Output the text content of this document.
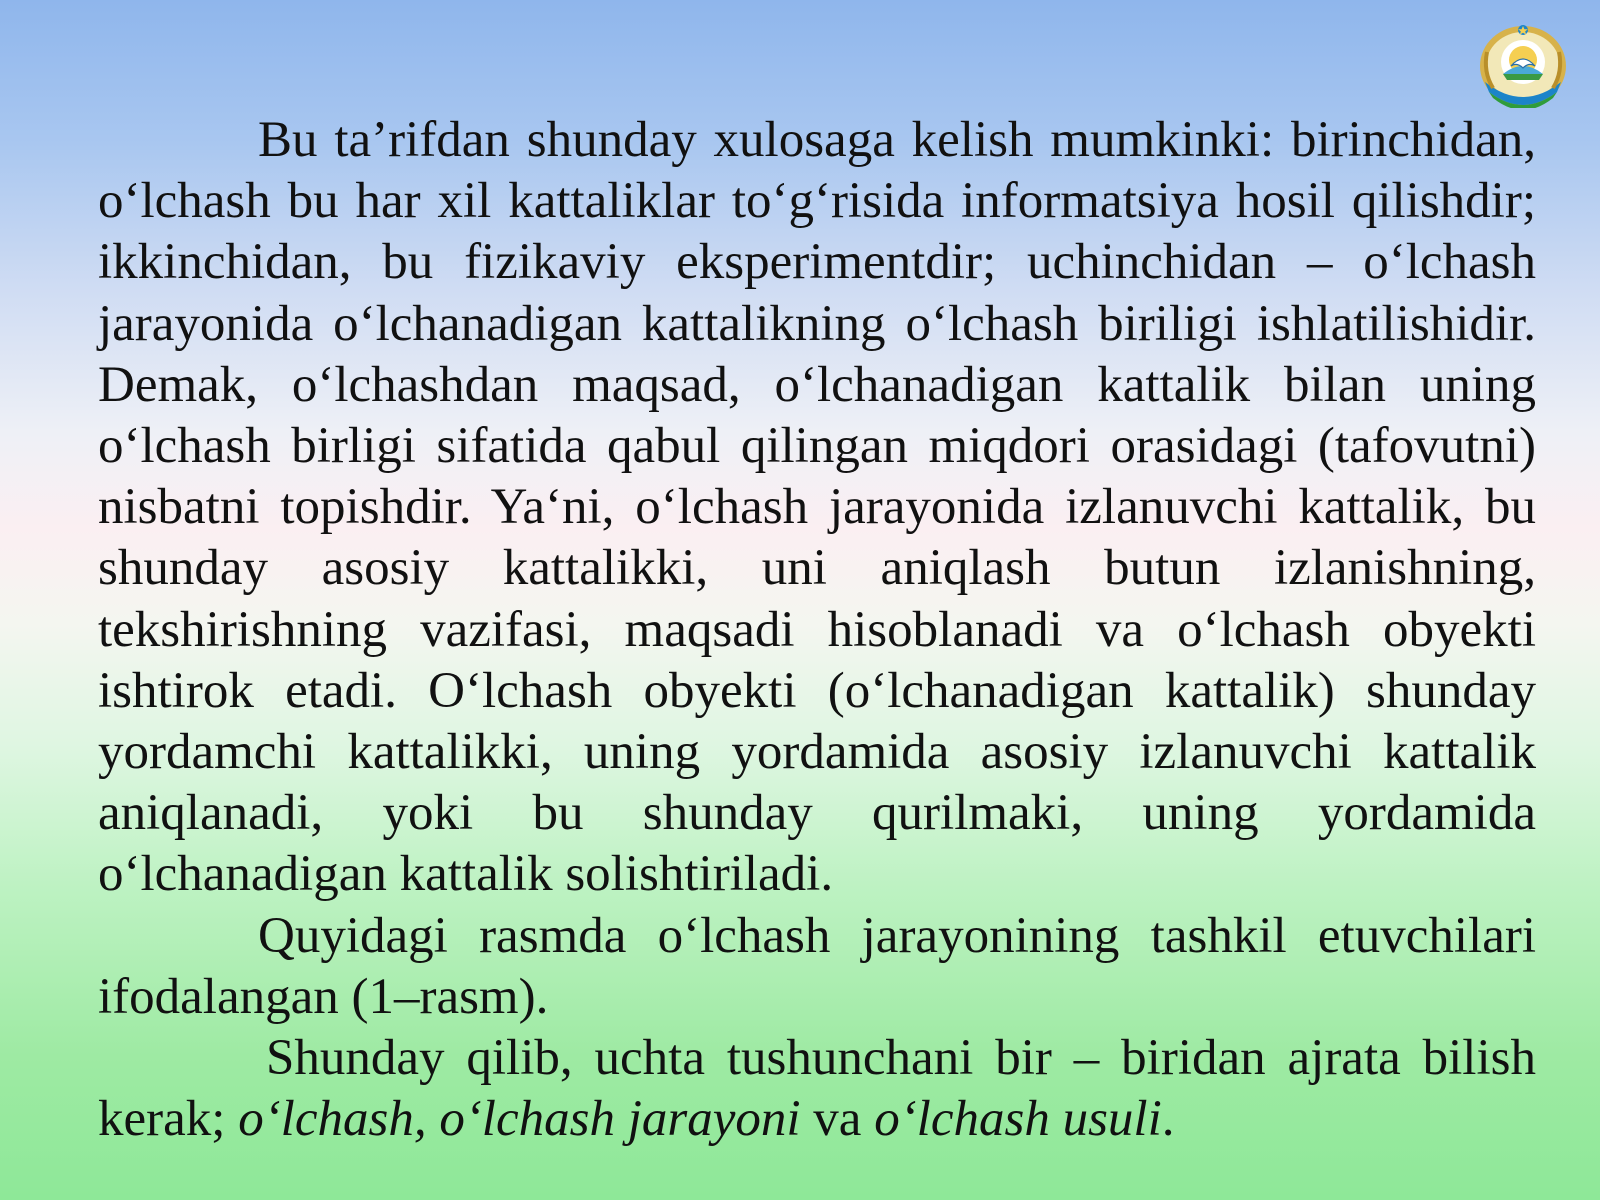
Bu ta’rifdan shunday xulosaga kelish mumkinki: birinchidan, o‘lchash bu har xil kattaliklar to‘g‘risida informatsiya hosil qilishdir; ikkinchidan, bu fizikaviy eksperimentdir; uchinchidan – o‘lchash jarayonida o‘lchanadigan kattalikning o‘lchash biriligi ishlatilishidir. Demak, o‘lchashdan maqsad, o‘lchanadigan kattalik bilan uning o‘lchash birligi sifatida qabul qilingan miqdori orasidagi (tafovutni) nisbatni topishdir. Ya‘ni, o‘lchash jarayonida izlanuvchi kattalik, bu shunday asosiy kattalikki, uni aniqlash butun izlanishning, tekshirishning vazifasi, maqsadi hisoblanadi va o‘lchash obyekti ishtirok etadi. O‘lchash obyekti (o‘lchanadigan kattalik) shunday yordamchi kattalikki, uning yordamida asosiy izlanuvchi kattalik aniqlanadi, yoki bu shunday qurilmaki, uning yordamida o‘lchanadigan kattalik solishtiriladi.

Quyidagi rasmda o‘lchash jarayonining tashkil etuvchilari ifodalangan (1–rasm).

Shunday qilib, uchta tushunchani bir – biridan ajrata bilish kerak; o‘lchash, o‘lchash jarayoni va o‘lchash usuli.
